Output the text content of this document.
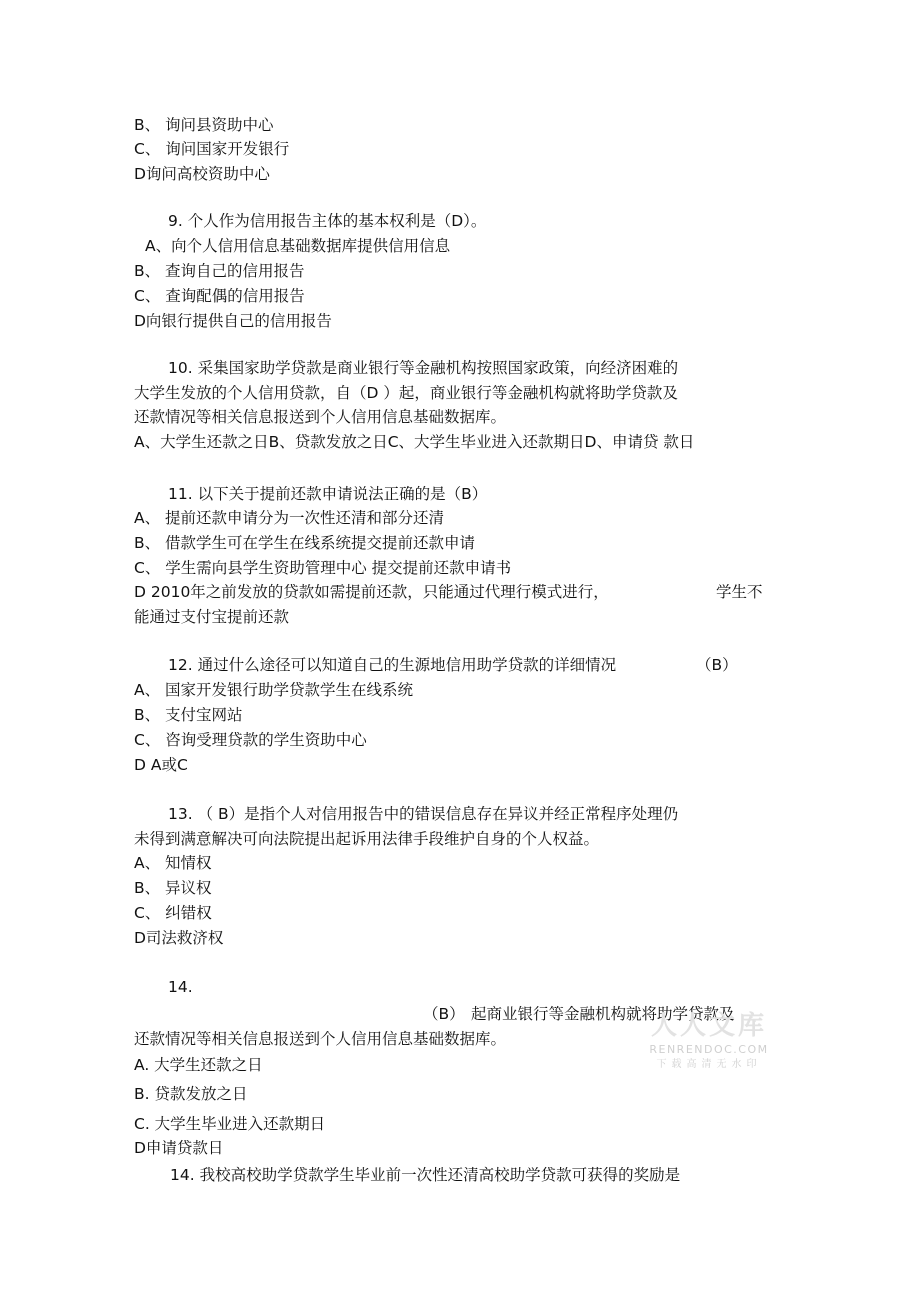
B、 询问县资助中心
C、 询问国家开发银行
D询问高校资助中心
9. 个人作为信用报告主体的基本权利是（D）。
A、向个人信用信息基础数据库提供信用信息
B、 查询自己的信用报告
C、 查询配偶的信用报告
D向银行提供自己的信用报告
10. 采集国家助学贷款是商业银行等金融机构按照国家政策，向经济困难的
大学生发放的个人信用贷款，自（D ）起，商业银行等金融机构就将助学贷款及
还款情况等相关信息报送到个人信用信息基础数据库。
A、大学生还款之日B、贷款发放之日C、大学生毕业进入还款期日D、申请贷 款日
11. 以下关于提前还款申请说法正确的是（B）
A、 提前还款申请分为一次性还清和部分还清
B、 借款学生可在学生在线系统提交提前还款申请
C、 学生需向县学生资助管理中心 提交提前还款申请书
D 2010年之前发放的贷款如需提前还款，只能通过代理行模式进行，	学生不
能通过支付宝提前还款
12. 通过什么途径可以知道自己的生源地信用助学贷款的详细情况	（B）
A、 国家开发银行助学贷款学生在线系统
B、 支付宝网站
C、 咨询受理贷款的学生资助中心
D A或C
13. （ B）是指个人对信用报告中的错误信息存在异议并经正常程序处理仍
未得到满意解决可向法院提出起诉用法律手段维护自身的个人权益。
A、 知情权
B、 异议权
C、 纠错权
D司法救济权
14.
（B） 起商业银行等金融机构就将助学贷款及
还款情况等相关信息报送到个人信用信息基础数据库。
A. 大学生还款之日
B. 贷款发放之日
C. 大学生毕业进入还款期日
D申请贷款日
14. 我校高校助学贷款学生毕业前一次性还清高校助学贷款可获得的奖励是
人人文库
RENRENDOC.COM
下载高清无水印
